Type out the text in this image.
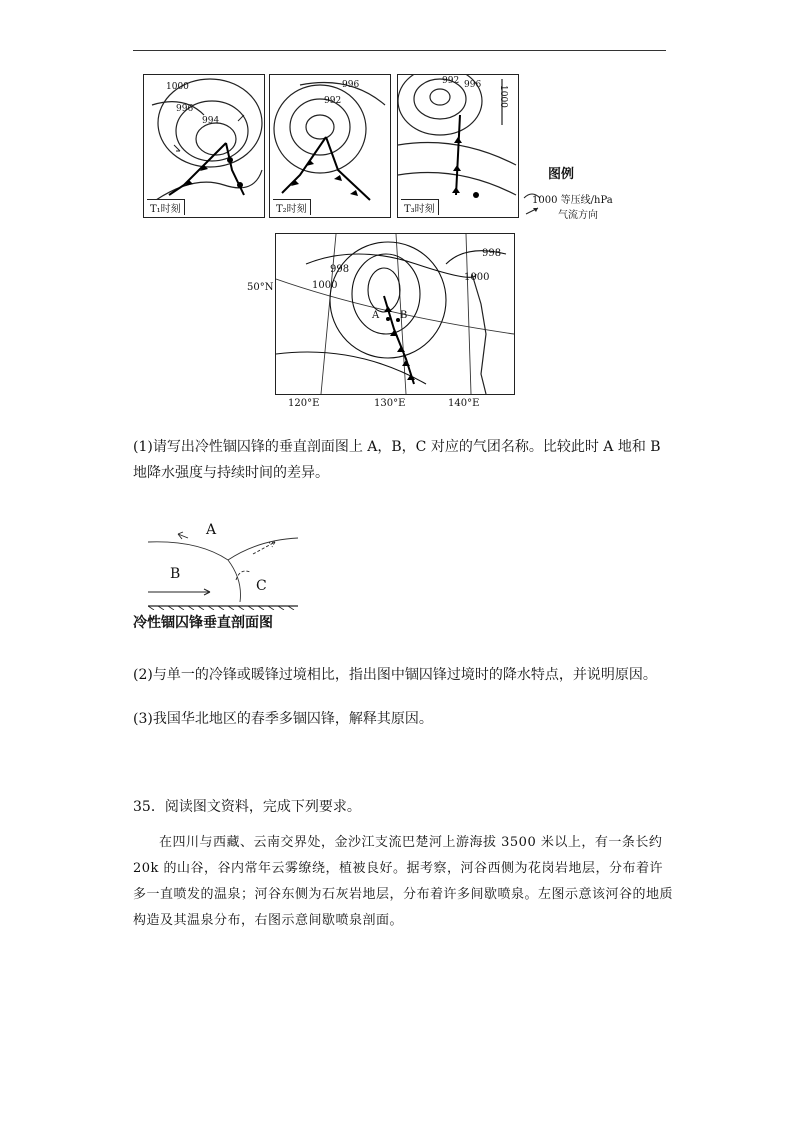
1000
996
994
T₁时刻
996
992
T₂时刻
992 996 1000
T₃时刻
图例
1000 等压线/hPa
气流方向
998
1000
998
1000
A B
50°N
120°E	130°E	140°E
(1)请写出冷性锢囚锋的垂直剖面图上 A，B，C 对应的气团名称。比较此时 A 地和 B 地降水强度与持续时间的差异。
A
B
C
冷性锢囚锋垂直剖面图
(2)与单一的冷锋或暖锋过境相比，指出图中锢囚锋过境时的降水特点，并说明原因。
(3)我国华北地区的春季多锢囚锋，解释其原因。
35．阅读图文资料，完成下列要求。
在四川与西藏、云南交界处，金沙江支流巴楚河上游海拔 3500 米以上，有一条长约 20k 的山谷，谷内常年云雾缭绕，植被良好。据考察，河谷西侧为花岗岩地层，分布着许多一直喷发的温泉；河谷东侧为石灰岩地层，分布着许多间歇喷泉。左图示意该河谷的地质构造及其温泉分布，右图示意间歇喷泉剖面。
